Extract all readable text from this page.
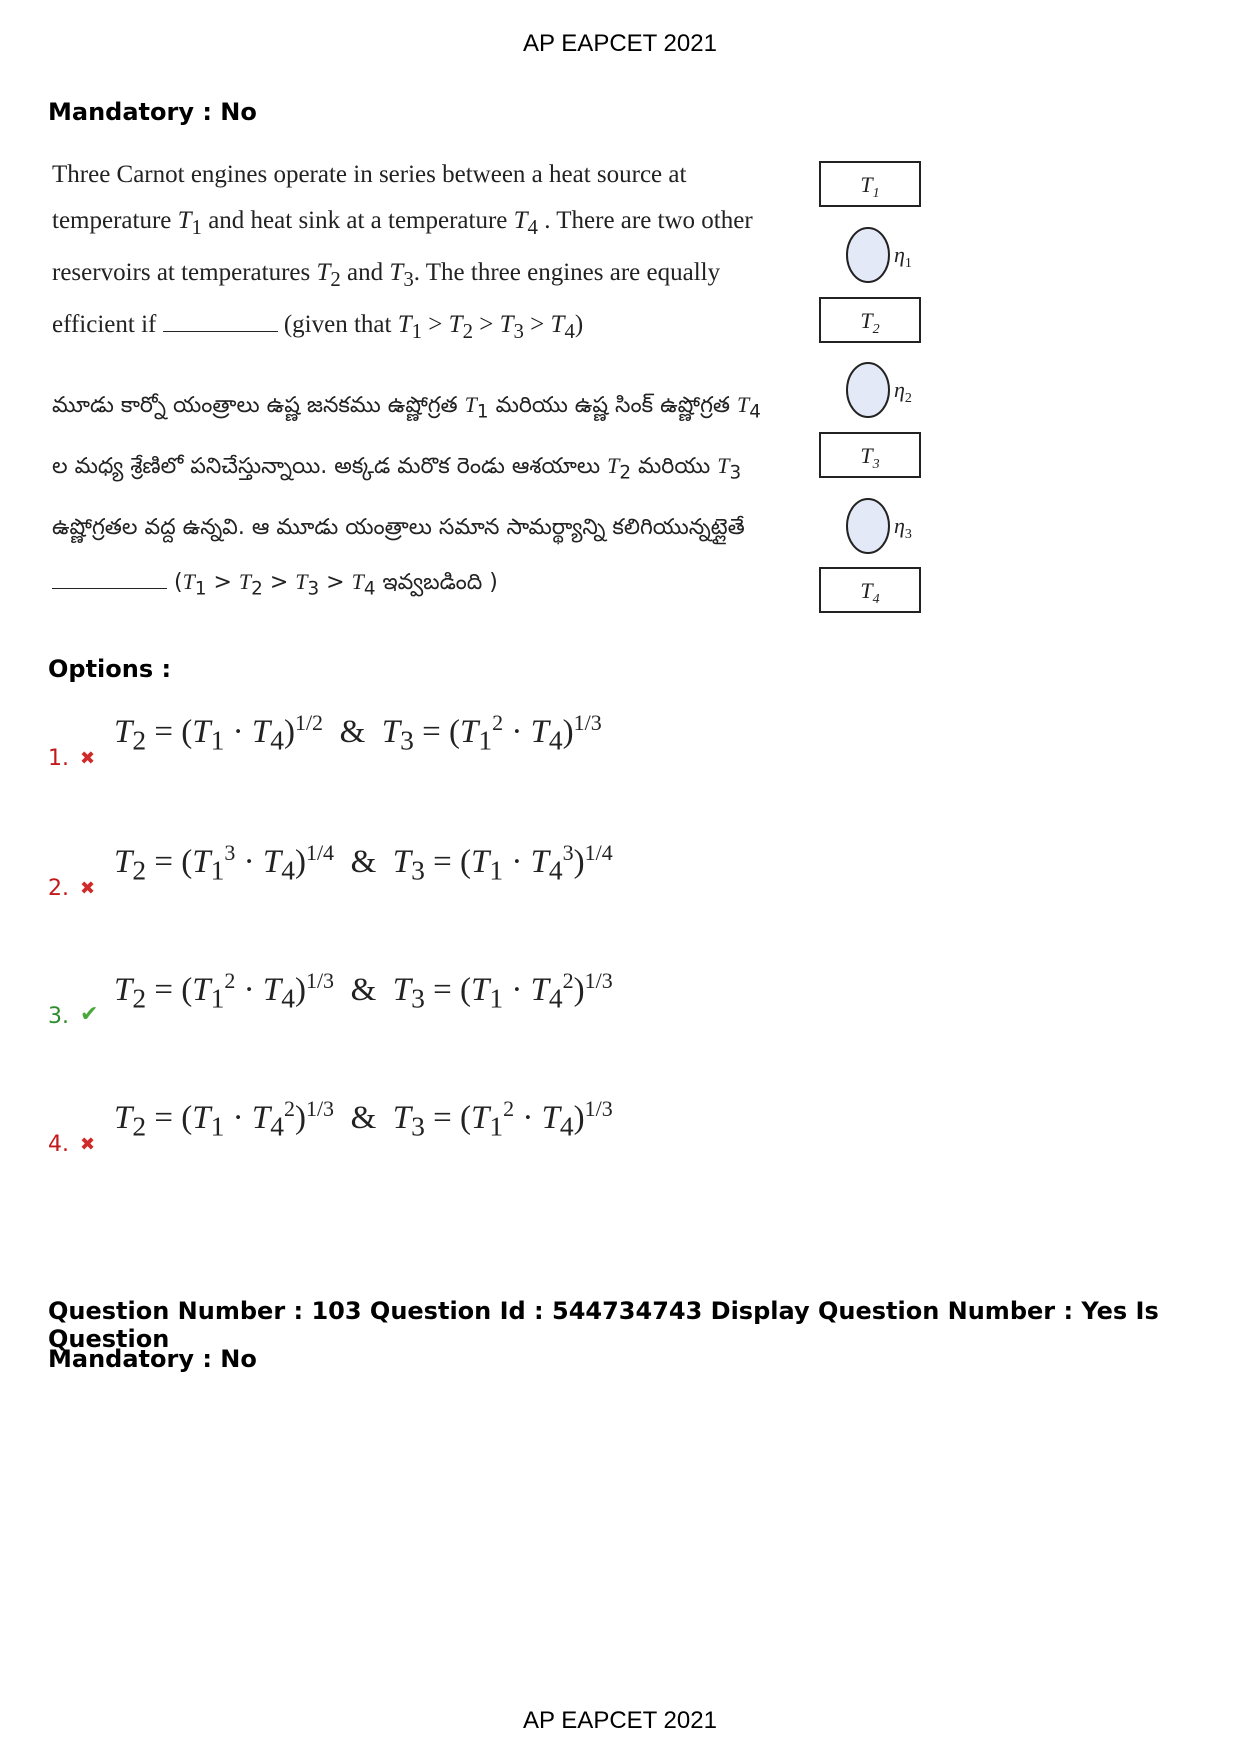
AP EAPCET 2021
Mandatory : No
Three Carnot engines operate in series between a heat source at temperature $T_1$ and heat sink at a temperature $T_4$ . There are two other reservoirs at temperatures $T_2$ and $T_3$. The three engines are equally efficient if	(given that $T_1 > T_2 > T_3 > T_4$)
మూడు కార్నో యంత్రాలు ఉష్ణ జనకము ఉష్ణోగ్రత $T_1$ మరియు ఉష్ణ సింక్ ఉష్ణోగ్రత $T_4$ ల మధ్య శ్రేణిలో పనిచేస్తున్నాయి. అక్కడ మరొక రెండు ఆశయాలు $T_2$ మరియు $T_3$ ఉష్ణోగ్రతల వద్ద ఉన్నవి. ఆ మూడు యంత్రాలు సమాన సామర్థ్యాన్ని కలిగియున్నట్లైతే  ($T_1 > T_2 > T_3 > T_4$ ఇవ్వబడింది )
$T_1$
$\eta_1$
$T_2$
$\eta_2$
$T_3$
$\eta_3$
$T_4$
Options :
1. ✖
$T_2 = (T_1 \cdot T_4)^{1/2}$  &  $T_3 = (T_1^2 \cdot T_4)^{1/3}$
2. ✖
$T_2 = (T_1^3 \cdot T_4)^{1/4}$  &  $T_3 = (T_1 \cdot T_4^3)^{1/4}$
3. ✔
$T_2 = (T_1^2 \cdot T_4)^{1/3}$  &  $T_3 = (T_1 \cdot T_4^2)^{1/3}$
4. ✖
$T_2 = (T_1 \cdot T_4^2)^{1/3}$  &  $T_3 = (T_1^2 \cdot T_4)^{1/3}$
Question Number : 103 Question Id : 544734743 Display Question Number : Yes Is Question
Mandatory : No
AP EAPCET 2021
